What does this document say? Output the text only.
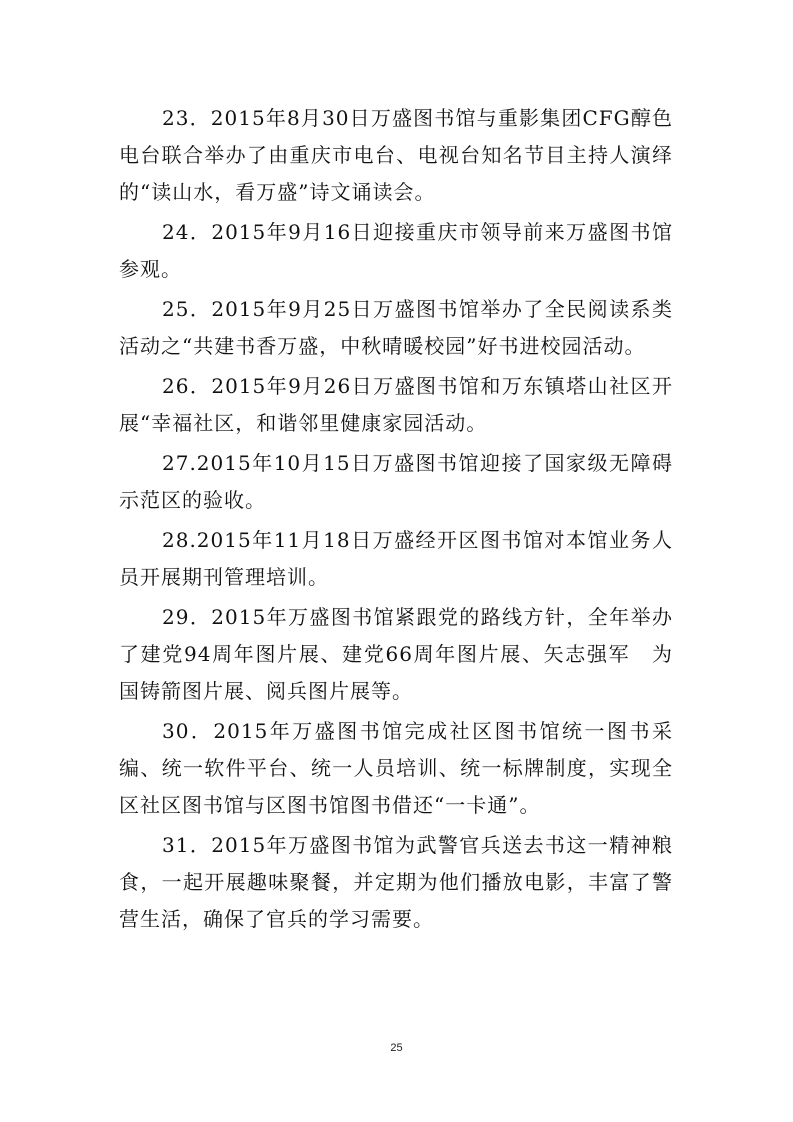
23．2015年8月30日万盛图书馆与重影集团CFG醇色电台联合举办了由重庆市电台、电视台知名节目主持人演绎的“读山水，看万盛”诗文诵读会。

24．2015年9月16日迎接重庆市领导前来万盛图书馆参观。

25．2015年9月25日万盛图书馆举办了全民阅读系类活动之“共建书香万盛，中秋晴暖校园”好书进校园活动。

26．2015年9月26日万盛图书馆和万东镇塔山社区开展“幸福社区，和谐邻里健康家园活动。

27.2015年10月15日万盛图书馆迎接了国家级无障碍示范区的验收。

28.2015年11月18日万盛经开区图书馆对本馆业务人员开展期刊管理培训。

29．2015年万盛图书馆紧跟党的路线方针，全年举办了建党94周年图片展、建党66周年图片展、矢志强军　为国铸箭图片展、阅兵图片展等。

30．2015年万盛图书馆完成社区图书馆统一图书采编、统一软件平台、统一人员培训、统一标牌制度，实现全区社区图书馆与区图书馆图书借还“一卡通”。

31．2015年万盛图书馆为武警官兵送去书这一精神粮食，一起开展趣味聚餐，并定期为他们播放电影，丰富了警营生活，确保了官兵的学习需要。

25
